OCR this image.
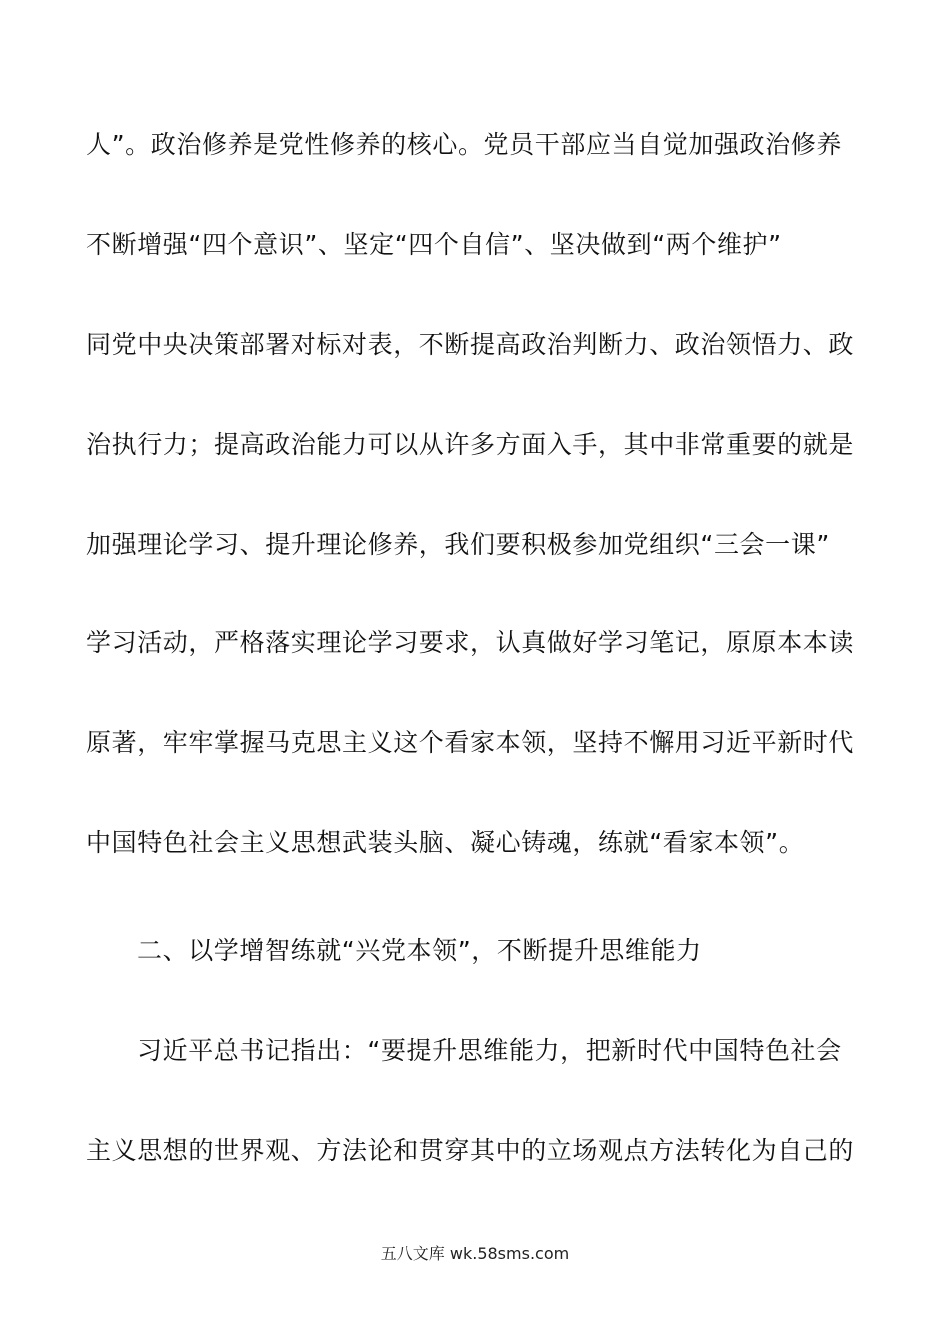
人”。政治修养是党性修养的核心。党员干部应当自觉加强政治修养
不断增强“四个意识”、坚定“四个自信”、坚决做到“两个维护”
同党中央决策部署对标对表，不断提高政治判断力、政治领悟力、政
治执行力；提高政治能力可以从许多方面入手，其中非常重要的就是
加强理论学习、提升理论修养，我们要积极参加党组织“三会一课”
学习活动，严格落实理论学习要求，认真做好学习笔记，原原本本读
原著，牢牢掌握马克思主义这个看家本领，坚持不懈用习近平新时代
中国特色社会主义思想武装头脑、凝心铸魂，练就“看家本领”。
二、以学增智练就“兴党本领”，不断提升思维能力
习近平总书记指出：“要提升思维能力，把新时代中国特色社会
主义思想的世界观、方法论和贯穿其中的立场观点方法转化为自己的
五八文库 wk.58sms.com
